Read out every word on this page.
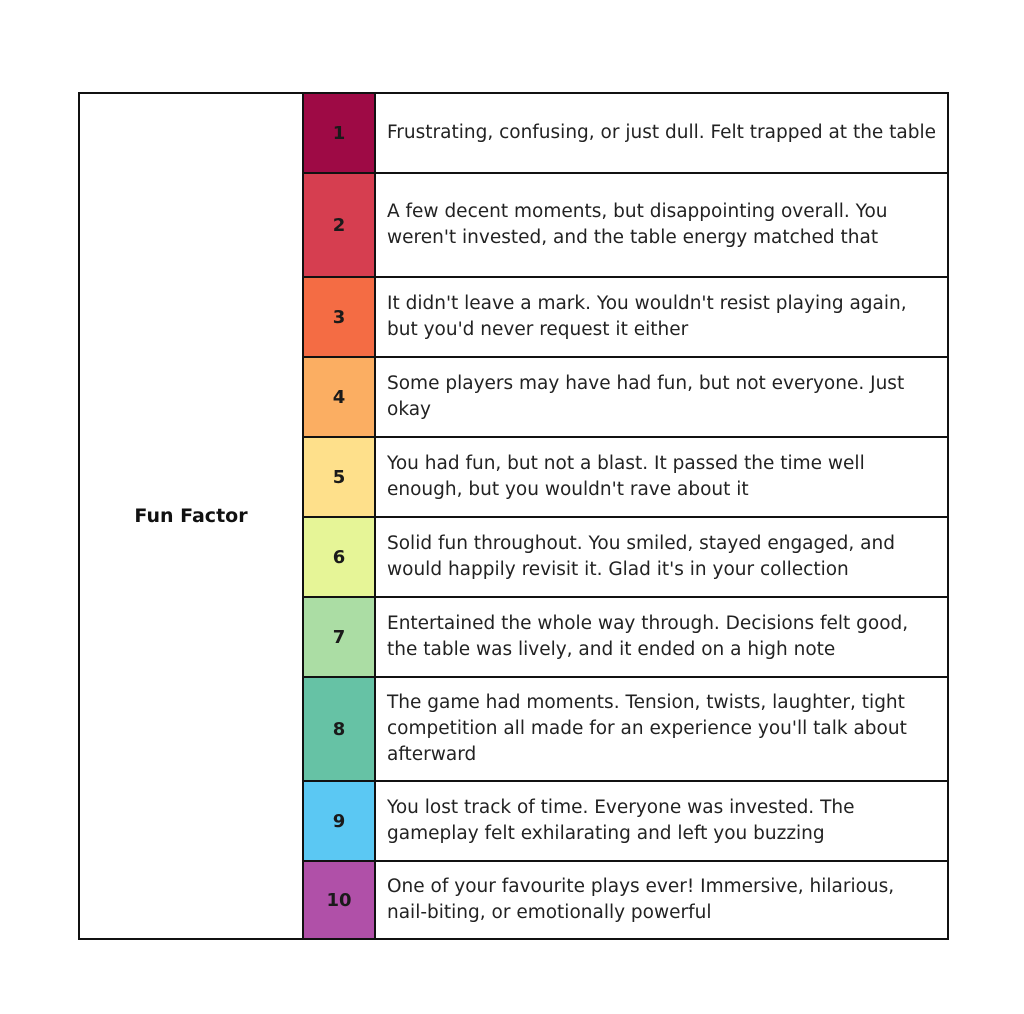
Fun Factor
1	Frustrating, confusing, or just dull. Felt trapped at the table
2
A few decent moments, but disappointing overall. You weren't invested, and the table energy matched that
3
It didn't leave a mark. You wouldn't resist playing again, but you'd never request it either
4
Some players may have had fun, but not everyone. Just okay
5
You had fun, but not a blast. It passed the time well enough, but you wouldn't rave about it
6
Solid fun throughout. You smiled, stayed engaged, and would happily revisit it. Glad it's in your collection
7
Entertained the whole way through. Decisions felt good, the table was lively, and it ended on a high note
8
The game had moments. Tension, twists, laughter, tight competition all made for an experience you'll talk about afterward
9
You lost track of time. Everyone was invested. The gameplay felt exhilarating and left you buzzing
10
One of your favourite plays ever! Immersive, hilarious, nail-biting, or emotionally powerful
